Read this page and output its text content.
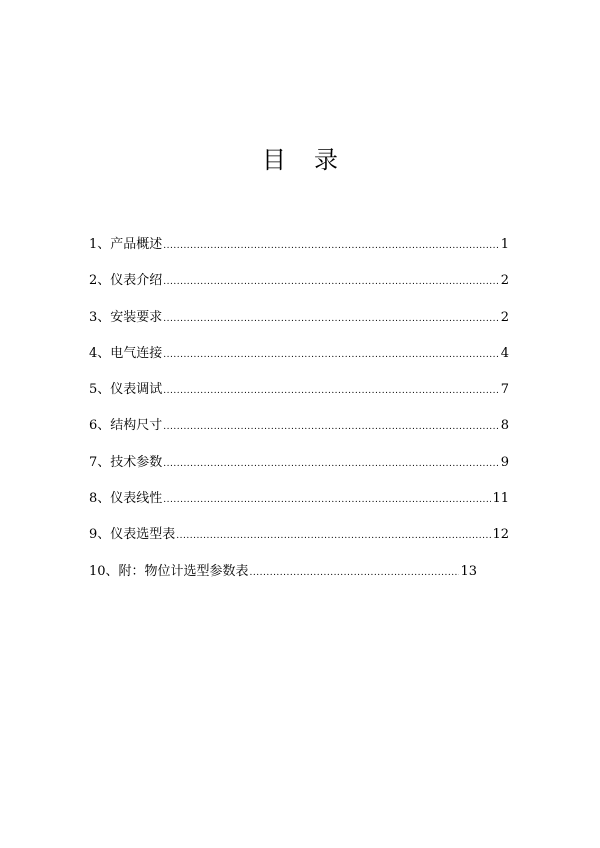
目录
1、产品概述 .....	1
2、仪表介绍 .....	2
3、安装要求 .....	2
4、电气连接 .....	4
5、仪表调试 .....	7
6、结构尺寸 .....	8
7、技术参数 .....	9
8、仪表线性 .....	11
9、仪表选型表 .....	12
10、附：物位计选型参数表 .....	13
